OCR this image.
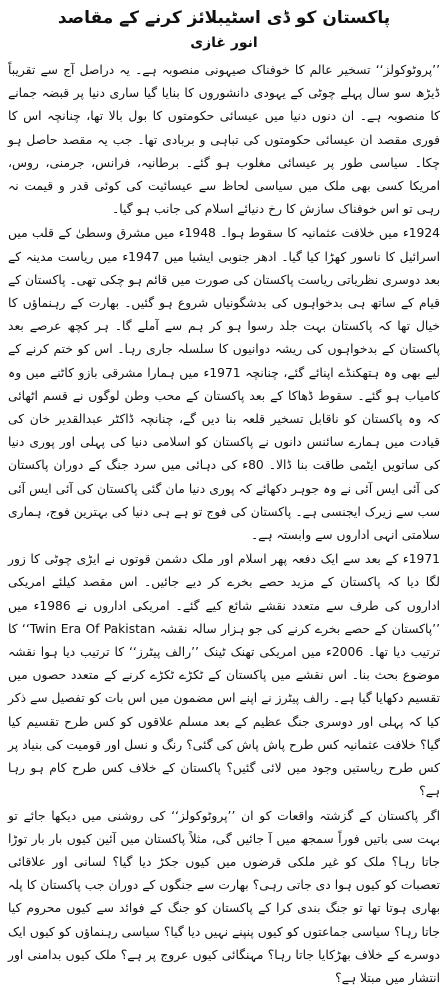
پاکستان کو ڈی اسٹیبلائز کرنے کے مقاصد
انور غازی

’’پروٹوکولز‘‘ تسخیر عالم کا خوفناک صیہونی منصوبہ ہے۔ یہ دراصل آج سے تقریباً ڈیڑھ سو سال پہلے چوٹی کے یہودی دانشوروں کا بنایا گیا ساری دنیا پر قبضہ جمانے کا منصوبہ ہے۔ ان دنوں دنیا میں عیسائی حکومتوں کا بول بالا تھا، چنانچہ اس کا فوری مقصد ان عیسائی حکومتوں کی تباہی و بربادی تھا۔ جب یہ مقصد حاصل ہو چکا۔ سیاسی طور پر عیسائی مغلوب ہو گئے۔ برطانیہ، فرانس، جرمنی، روس، امریکا کسی بھی ملک میں سیاسی لحاظ سے عیسائیت کی کوئی قدر و قیمت نہ رہی تو اس خوفناک سازش کا رخ دنیائے اسلام کی جانب ہو گیا۔

1924ء میں خلافت عثمانیہ کا سقوط ہوا۔ 1948ء میں مشرق وسطیٰ کے قلب میں اسرائیل کا ناسور کھڑا کیا گیا۔ ادھر جنوبی ایشیا میں 1947ء میں ریاست مدینہ کے بعد دوسری نظریاتی ریاست پاکستان کی صورت میں قائم ہو چکی تھی۔ پاکستان کے قیام کے ساتھ ہی بدخواہوں کی بدشگونیاں شروع ہو گئیں۔ بھارت کے رہنماؤں کا خیال تھا کہ پاکستان بہت جلد رسوا ہو کر ہم سے آملے گا۔ ہر کچھ عرصے بعد پاکستان کے بدخواہوں کی ریشہ دوانیوں کا سلسلہ جاری رہا۔ اس کو ختم کرنے کے لیے بھی وہ ہتھکنڈے اپنائے گئے، چنانچہ 1971ء میں ہمارا مشرقی بازو کاٹنے میں وہ کامیاب ہو گئے۔ سقوط ڈھاکا کے بعد پاکستان کے محب وطن لوگوں نے قسم اٹھائی کہ وہ پاکستان کو ناقابل تسخیر قلعہ بنا دیں گے، چنانچہ ڈاکٹر عبدالقدیر خان کی قیادت میں ہمارے سائنس دانوں نے پاکستان کو اسلامی دنیا کی پہلی اور پوری دنیا کی ساتویں ایٹمی طاقت بنا ڈالا۔ 80ء کی دہائی میں سرد جنگ کے دوران پاکستان کی آئی ایس آئی نے وہ جوہر دکھائے کہ پوری دنیا مان گئی پاکستان کی آئی ایس آئی سب سے زیرک ایجنسی ہے۔ پاکستان کی فوج تو ہے ہی دنیا کی بہترین فوج، ہماری سلامتی انہی اداروں سے وابستہ ہے۔

1971ء کے بعد سے ایک دفعہ پھر اسلام اور ملک دشمن قوتوں نے ایڑی چوٹی کا زور لگا دیا کہ پاکستان کے مزید حصے بخرے کر دیے جائیں۔ اس مقصد کیلئے امریکی اداروں کی طرف سے متعدد نقشے شائع کیے گئے۔ امریکی اداروں نے 1986ء میں ’’پاکستان کے حصے بخرے کرنے کی جو ہزار سالہ نقشہ Twin Era Of Pakistan‘‘ کا ترتیب دیا تھا۔ 2006ء میں امریکی تھنک ٹینک ’’رالف پیٹرز‘‘ کا ترتیب دیا ہوا نقشہ موضوع بحث بنا۔ اس نقشے میں پاکستان کے ٹکڑے ٹکڑے کرنے کے متعدد حصوں میں تقسیم دکھایا گیا ہے۔ رالف پیٹرز نے اپنے اس مضمون میں اس بات کو تفصیل سے ذکر کیا کہ پہلی اور دوسری جنگ عظیم کے بعد مسلم علاقوں کو کس طرح تقسیم کیا گیا؟ خلافت عثمانیہ کس طرح پاش پاش کی گئی؟ رنگ و نسل اور قومیت کی بنیاد پر کس طرح ریاستیں وجود میں لائی گئیں؟ پاکستان کے خلاف کس طرح کام ہو رہا ہے؟

اگر پاکستان کے گزشتہ واقعات کو ان ’’پروٹوکولز‘‘ کی روشنی میں دیکھا جائے تو بہت سی باتیں فوراً سمجھ میں آ جائیں گی، مثلاً پاکستان میں آئین کیوں بار بار توڑا جاتا رہا؟ ملک کو غیر ملکی قرضوں میں کیوں جکڑ دیا گیا؟ لسانی اور علاقائی تعصبات کو کیوں ہوا دی جاتی رہی؟ بھارت سے جنگوں کے دوران جب پاکستان کا پلہ بھاری ہوتا تھا تو جنگ بندی کرا کے پاکستان کو جنگ کے فوائد سے کیوں محروم کیا جاتا رہا؟ سیاسی جماعتوں کو کیوں پنپنے نہیں دیا گیا؟ سیاسی رہنماؤں کو کیوں ایک دوسرے کے خلاف بھڑکایا جاتا رہا؟ مہنگائی کیوں عروج پر ہے؟ ملک کیوں بدامنی اور انتشار میں مبتلا ہے؟
